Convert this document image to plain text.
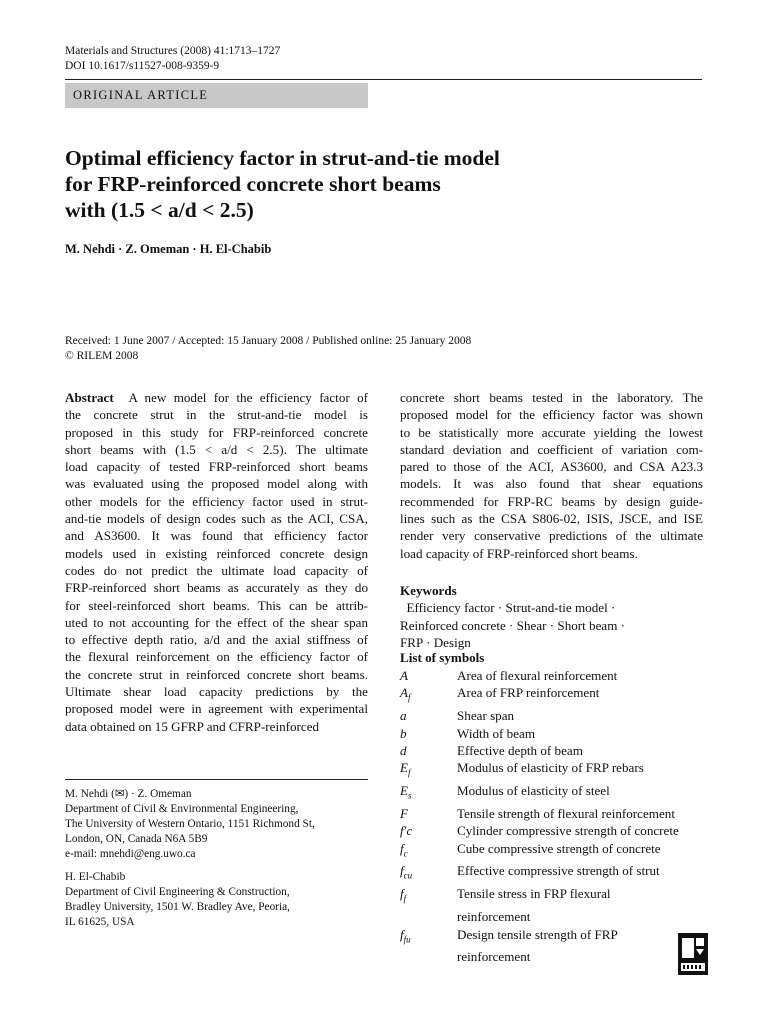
Materials and Structures (2008) 41:1713–1727
DOI 10.1617/s11527-008-9359-9
ORIGINAL ARTICLE
Optimal efficiency factor in strut-and-tie model
for FRP-reinforced concrete short beams
with (1.5 < a/d < 2.5)
M. Nehdi · Z. Omeman · H. El-Chabib
Received: 1 June 2007 / Accepted: 15 January 2008 / Published online: 25 January 2008
© RILEM 2008
Abstract  A new model for the efficiency factor of
the concrete strut in the strut-and-tie model is
proposed in this study for FRP-reinforced concrete
short beams with (1.5 < a/d < 2.5). The ultimate
load capacity of tested FRP-reinforced short beams
was evaluated using the proposed model along with
other models for the efficiency factor used in strut-
and-tie models of design codes such as the ACI, CSA,
and AS3600. It was found that efficiency factor
models used in existing reinforced concrete design
codes do not predict the ultimate load capacity of
FRP-reinforced short beams as accurately as they do
for steel-reinforced short beams. This can be attrib-
uted to not accounting for the effect of the shear span
to effective depth ratio, a/d and the axial stiffness of
the flexural reinforcement on the efficiency factor of
the concrete strut in reinforced concrete short beams.
Ultimate shear load capacity predictions by the
proposed model were in agreement with experimental
data obtained on 15 GFRP and CFRP-reinforced
concrete short beams tested in the laboratory. The
proposed model for the efficiency factor was shown
to be statistically more accurate yielding the lowest
standard deviation and coefficient of variation com-
pared to those of the ACI, AS3600, and CSA A23.3
models. It was also found that shear equations
recommended for FRP-RC beams by design guide-
lines such as the CSA S806-02, ISIS, JSCE, and ISE
render very conservative predictions of the ultimate
load capacity of FRP-reinforced short beams.
Keywords
Efficiency factor · Strut-and-tie model ·
Reinforced concrete · Shear · Short beam ·
FRP · Design
List of symbols
A	Area of flexural reinforcement
$A_f$	Area of FRP reinforcement
a	Shear span
b	Width of beam
d	Effective depth of beam
$E_f$	Modulus of elasticity of FRP rebars
$E_s$	Modulus of elasticity of steel
F	Tensile strength of flexural reinforcement
f'c	Cylinder compressive strength of concrete
$f_c$	Cube compressive strength of concrete
$f_{cu}$	Effective compressive strength of strut
$f_f$	Tensile stress in FRP flexural
reinforcement
$f_{fu}$	Design tensile strength of FRP
reinforcement
M. Nehdi (✉) · Z. Omeman
Department of Civil & Environmental Engineering,
The University of Western Ontario, 1151 Richmond St,
London, ON, Canada N6A 5B9
e-mail: mnehdi@eng.uwo.ca
H. El-Chabib
Department of Civil Engineering & Construction,
Bradley University, 1501 W. Bradley Ave, Peoria,
IL 61625, USA
